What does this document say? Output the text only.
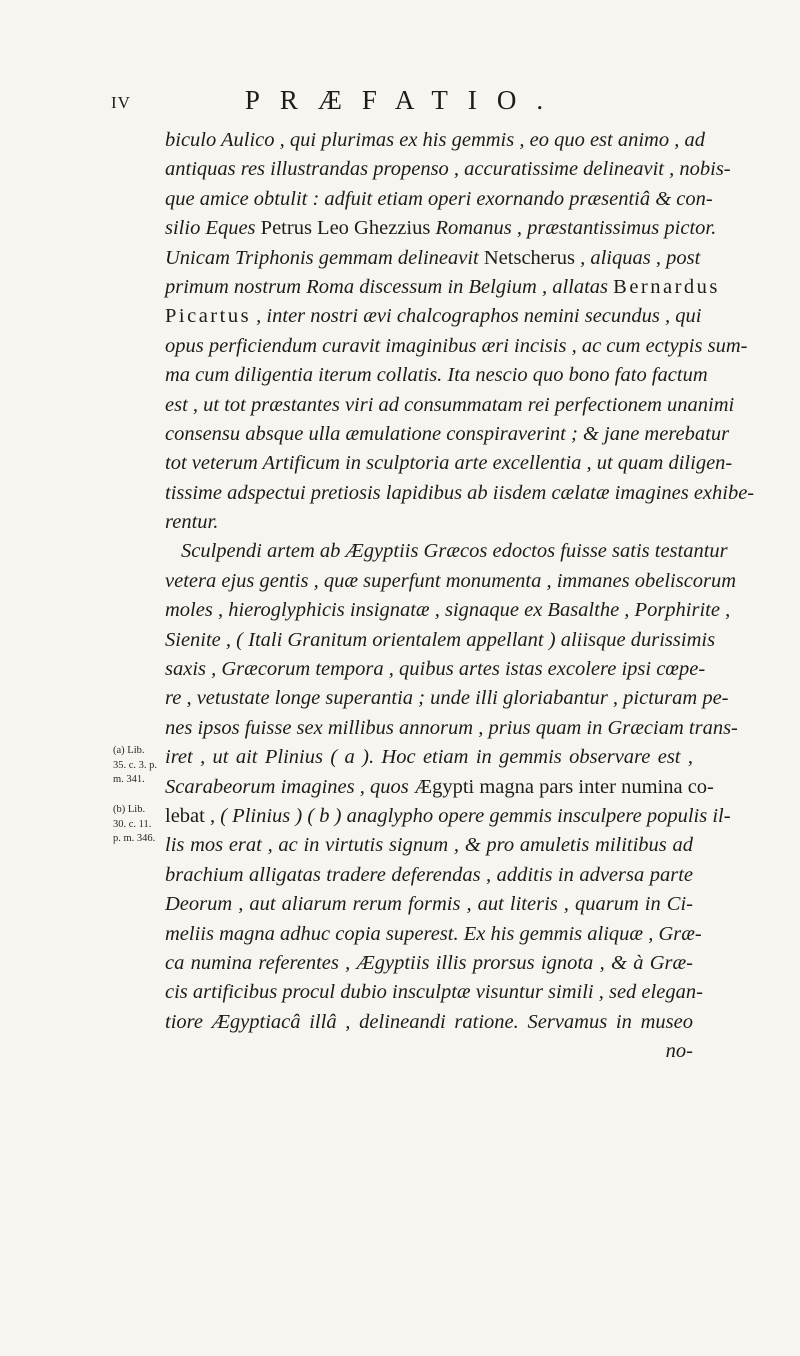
IV	PRÆFATIO.
biculo Aulico , qui plurimas ex his gemmis , eo quo est animo , ad
antiquas res illustrandas propenso , accuratissime delineavit , nobis-
que amice obtulit : adfuit etiam operi exornando præsentiâ & con-
silio Eques Petrus Leo Ghezzius Romanus , præstantissimus pictor.
Unicam Triphonis gemmam delineavit Netscherus , aliquas , post
primum nostrum Roma discessum in Belgium , allatas Bernardus
Picartus , inter nostri ævi chalcographos nemini secundus , qui
opus perficiendum curavit imaginibus æri incisis , ac cum ectypis sum-
ma cum diligentia iterum collatis. Ita nescio quo bono fato factum
est , ut tot præstantes viri ad consummatam rei perfectionem unanimi
consensu absque ulla æmulatione conspiraverint ; & jane merebatur
tot veterum Artificum in sculptoria arte excellentia , ut quam diligen-
tissime adspectui pretiosis lapidibus ab iisdem cælatæ imagines exhibe-
rentur.
Sculpendi artem ab Ægyptiis Græcos edoctos fuisse satis testantur
vetera ejus gentis , quæ superfunt monumenta , immanes obeliscorum
moles , hieroglyphicis insignatæ , signaque ex Basalthe , Porphirite ,
Sienite , ( Itali Granitum orientalem appellant ) aliisque durissimis
saxis , Græcorum tempora , quibus artes istas excolere ipsi cœpe-
re , vetustate longe superantia ; unde illi gloriabantur , picturam pe-
nes ipsos fuisse sex millibus annorum , prius quam in Græciam trans-
iret , ut ait Plinius ( a ). Hoc etiam in gemmis observare est ,
Scarabeorum imagines , quos Ægypti magna pars inter numina co-
lebat , ( Plinius ) ( b ) anaglypho opere gemmis insculpere populis il-
lis mos erat , ac in virtutis signum , & pro amuletis militibus ad
brachium alligatas tradere deferendas , additis in adversa parte
Deorum , aut aliarum rerum formis , aut literis , quarum in Ci-
meliis magna adhuc copia superest. Ex his gemmis aliquæ , Græ-
ca numina referentes , Ægyptiis illis prorsus ignota , & à Græ-
cis artificibus procul dubio insculptæ visuntur simili , sed elegan-
tiore Ægyptiacâ illâ , delineandi ratione. Servamus in museo
no-
(a) Lib.
35. c. 3. p.
m. 341.
(b) Lib.
30. c. 11.
p. m. 346.
